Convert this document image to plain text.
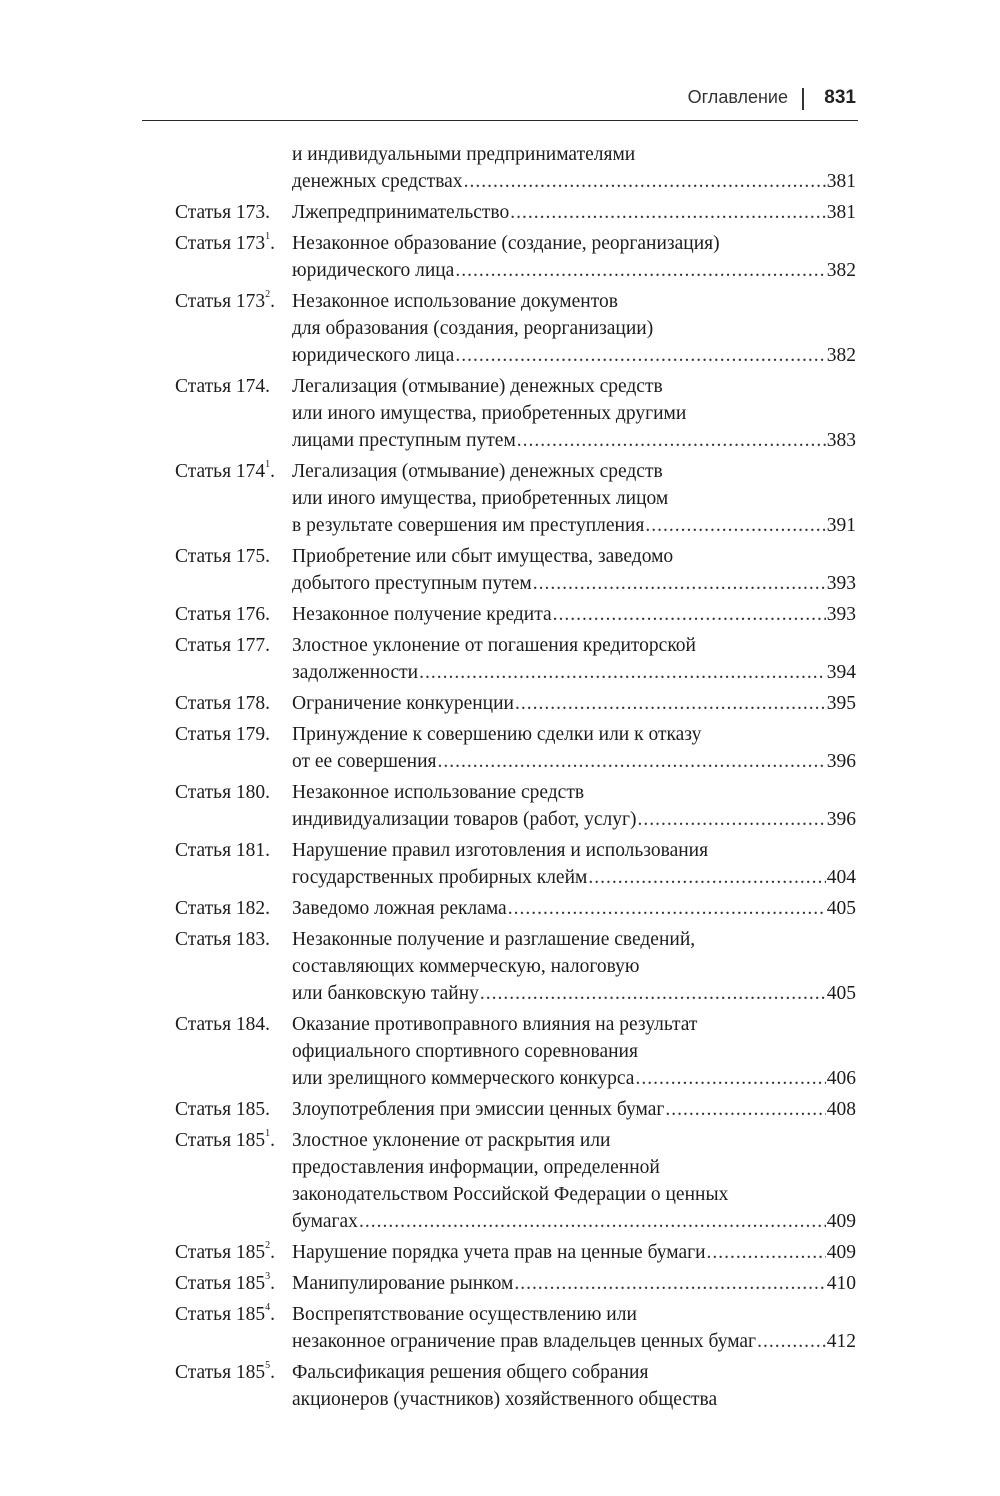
Оглавление 831
и индивидуальными предпринимателями
денежных средствах .....	381
Статья 173.	Лжепредпринимательство .....	381
Статья $173^1$. Незаконное образование (создание, реорганизация)
юридического лица .....	382
Статья $173^2$. Незаконное использование документов
для образования (создания, реорганизации)
юридического лица .....	382
Статья 174.	Легализация (отмывание) денежных средств
или иного имущества, приобретенных другими
лицами преступным путем .....	383
Статья $174^1$. Легализация (отмывание) денежных средств
или иного имущества, приобретенных лицом
в результате совершения им преступления .....	391
Статья 175.	Приобретение или сбыт имущества, заведомо
добытого преступным путем .....	393
Статья 176.	Незаконное получение кредита .....	393
Статья 177.	Злостное уклонение от погашения кредиторской
задолженности .....	394
Статья 178.	Ограничение конкуренции .....	395
Статья 179.	Принуждение к совершению сделки или к отказу
от ее совершения .....	396
Статья 180.	Незаконное использование средств
индивидуализации товаров (работ, услуг) .....	396
Статья 181.	Нарушение правил изготовления и использования
государственных пробирных клейм .....	404
Статья 182.	Заведомо ложная реклама .....	405
Статья 183.	Незаконные получение и разглашение сведений,
составляющих коммерческую, налоговую
или банковскую тайну .....	405
Статья 184.	Оказание противоправного влияния на результат
официального спортивного соревнования
или зрелищного коммерческого конкурса .....	406
Статья 185.	Злоупотребления при эмиссии ценных бумаг .....	408
Статья $185^1$. Злостное уклонение от раскрытия или
предоставления информации, определенной
законодательством Российской Федерации о ценных
бумагах .....	409
Статья $185^2$. Нарушение порядка учета прав на ценные бумаги .....	409
Статья $185^3$. Манипулирование рынком .....	410
Статья $185^4$. Воспрепятствование осуществлению или
незаконное ограничение прав владельцев ценных бумаг .....	412
Статья $185^5$. Фальсификация решения общего собрания
акционеров (участников) хозяйственного общества
